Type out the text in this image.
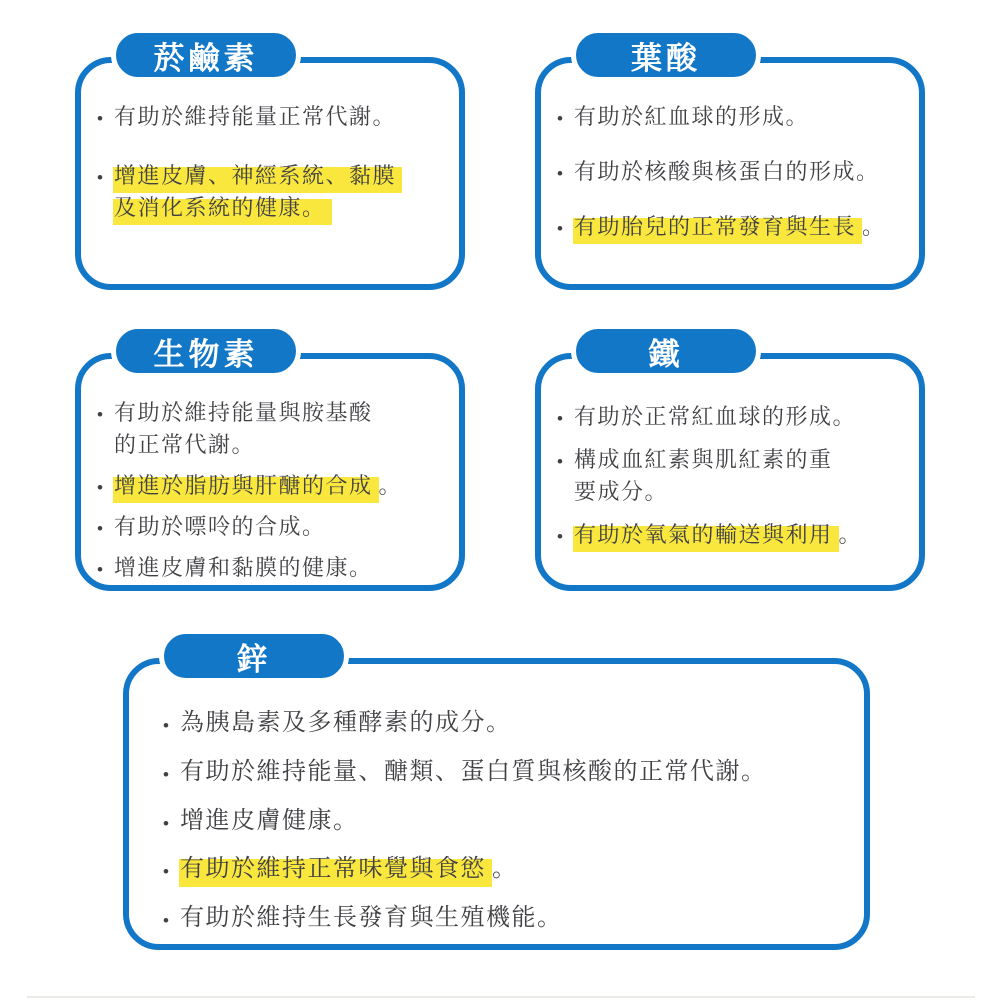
菸鹼素
• 有助於維持能量正常代謝。
• 增進皮膚、神經系統、黏膜
及消化系統的健康。
葉酸
• 有助於紅血球的形成。
• 有助於核酸與核蛋白的形成。
• 有助胎兒的正常發育與生長 。
生物素
• 有助於維持能量與胺基酸
的正常代謝。
• 增進於脂肪與肝醣的合成 。
• 有助於嘌呤的合成。
• 增進皮膚和黏膜的健康。
鐵
• 有助於正常紅血球的形成。
• 構成血紅素與肌紅素的重
要成分。
• 有助於氧氣的輸送與利用 。
鋅
• 為胰島素及多種酵素的成分。
• 有助於維持能量、醣類、蛋白質與核酸的正常代謝。
• 增進皮膚健康。
• 有助於維持正常味覺與食慾 。
• 有助於維持生長發育與生殖機能。
